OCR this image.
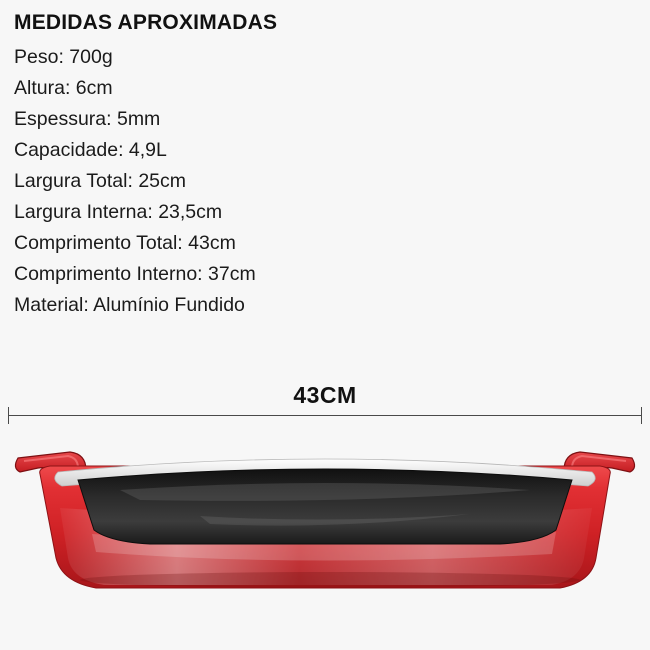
MEDIDAS APROXIMADAS
Peso: 700g
Altura: 6cm
Espessura: 5mm
Capacidade: 4,9L
Largura Total: 25cm
Largura Interna: 23,5cm
Comprimento Total: 43cm
Comprimento Interno: 37cm
Material: Alumínio Fundido
43CM
